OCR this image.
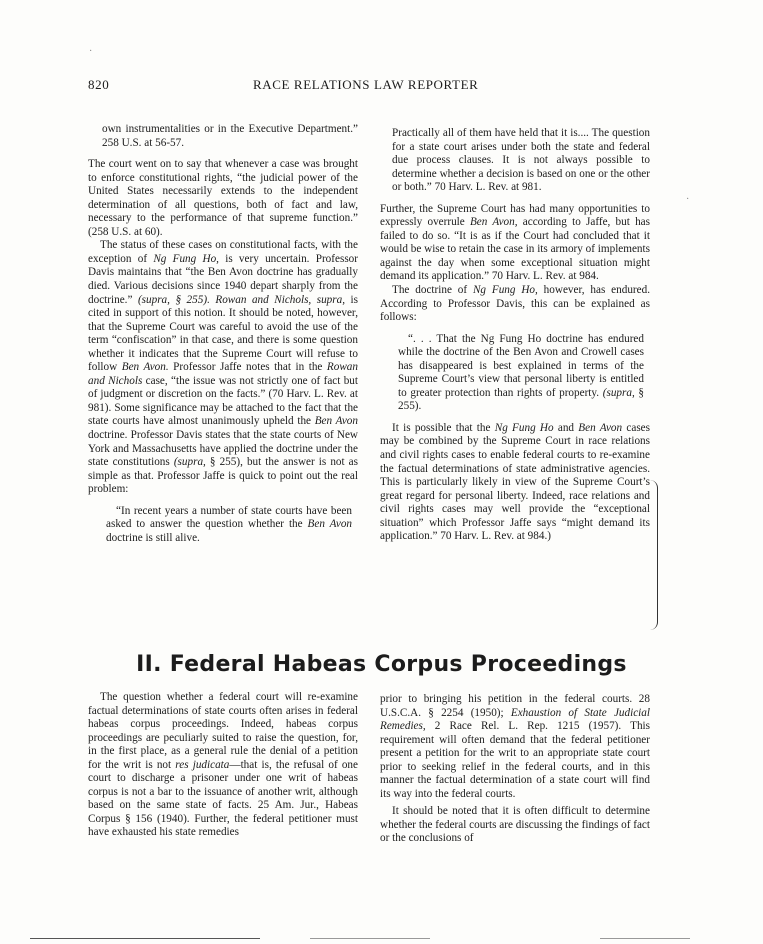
820	RACE RELATIONS LAW REPORTER

own instrumentalities or in the Executive Department.” 258 U.S. at 56-57.

The court went on to say that whenever a case was brought to enforce constitutional rights, “the judicial power of the United States necessarily extends to the independent determination of all questions, both of fact and law, necessary to the performance of that supreme function.” (258 U.S. at 60).

The status of these cases on constitutional facts, with the exception of Ng Fung Ho, is very uncertain. Professor Davis maintains that “the Ben Avon doctrine has gradually died. Various decisions since 1940 depart sharply from the doctrine.” (supra, § 255). Rowan and Nichols, supra, is cited in support of this notion. It should be noted, however, that the Supreme Court was careful to avoid the use of the term “confiscation” in that case, and there is some question whether it indicates that the Supreme Court will refuse to follow Ben Avon. Professor Jaffe notes that in the Rowan and Nichols case, “the issue was not strictly one of fact but of judgment or discretion on the facts.” (70 Harv. L. Rev. at 981). Some significance may be attached to the fact that the state courts have almost unanimously upheld the Ben Avon doctrine. Professor Davis states that the state courts of New York and Massachusetts have applied the doctrine under the state constitutions (supra, § 255), but the answer is not as simple as that. Professor Jaffe is quick to point out the real problem:

“In recent years a number of state courts have been asked to answer the question whether the Ben Avon doctrine is still alive.

Practically all of them have held that it is.... The question for a state court arises under both the state and federal due process clauses. It is not always possible to determine whether a decision is based on one or the other or both.” 70 Harv. L. Rev. at 981.

Further, the Supreme Court has had many opportunities to expressly overrule Ben Avon, according to Jaffe, but has failed to do so. “It is as if the Court had concluded that it would be wise to retain the case in its armory of implements against the day when some exceptional situation might demand its application.” 70 Harv. L. Rev. at 984.

The doctrine of Ng Fung Ho, however, has endured. According to Professor Davis, this can be explained as follows:

“. . . That the Ng Fung Ho doctrine has endured while the doctrine of the Ben Avon and Crowell cases has disappeared is best explained in terms of the Supreme Court’s view that personal liberty is entitled to greater protection than rights of property. (supra, § 255).

It is possible that the Ng Fung Ho and Ben Avon cases may be combined by the Supreme Court in race relations and civil rights cases to enable federal courts to re-examine the factual determinations of state administrative agencies. This is particularly likely in view of the Supreme Court’s great regard for personal liberty. Indeed, race relations and civil rights cases may well provide the “exceptional situation” which Professor Jaffe says “might demand its application.” 70 Harv. L. Rev. at 984.)

II. Federal Habeas Corpus Proceedings

The question whether a federal court will re-examine factual determinations of state courts often arises in federal habeas corpus proceedings. Indeed, habeas corpus proceedings are peculiarly suited to raise the question, for, in the first place, as a general rule the denial of a petition for the writ is not res judicata—that is, the refusal of one court to discharge a prisoner under one writ of habeas corpus is not a bar to the issuance of another writ, although based on the same state of facts. 25 Am. Jur., Habeas Corpus § 156 (1940). Further, the federal petitioner must have exhausted his state remedies

prior to bringing his petition in the federal courts. 28 U.S.C.A. § 2254 (1950); Exhaustion of State Judicial Remedies, 2 Race Rel. L. Rep. 1215 (1957). This requirement will often demand that the federal petitioner present a petition for the writ to an appropriate state court prior to seeking relief in the federal courts, and in this manner the factual determination of a state court will find its way into the federal courts.

It should be noted that it is often difficult to determine whether the federal courts are discussing the findings of fact or the conclusions of

·
·
